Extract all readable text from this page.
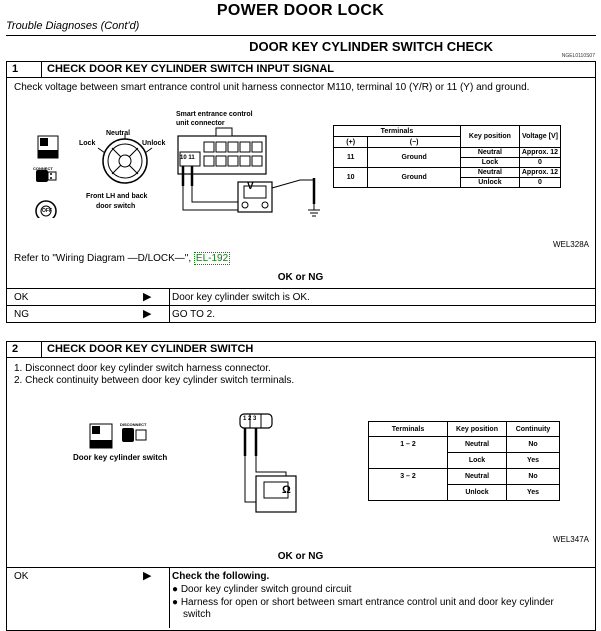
POWER DOOR LOCK
Trouble Diagnoses (Cont'd)
DOOR KEY CYLINDER SWITCH CHECK
NGEL0110S07
1	CHECK DOOR KEY CYLINDER SWITCH INPUT SIGNAL
Check voltage between smart entrance control unit harness connector M110, terminal 10 (Y/R) or 11 (Y) and ground.
H.S.
CONNECT
OFF
Neutral
Lock	Unlock
Front LH and back
door switch
Smart entrance control
unit connector
10 11
V
Terminals		Key position	Voltage [V]
(+)	(−)		
11	Ground	Neutral	Approx. 12
		Lock	0
10	Ground	Neutral	Approx. 12
		Unlock	0
WEL328A
Refer to "Wiring Diagram —D/LOCK—", EL-192
OK or NG
OK	▶ Door key cylinder switch is OK.
NG	▶ GO TO 2.
2	CHECK DOOR KEY CYLINDER SWITCH
1. Disconnect door key cylinder switch harness connector.
2. Check continuity between door key cylinder switch terminals.
H.S.
DISCONNECT
Door key cylinder switch
1 2 3
Ω
Terminals	Key position	Continuity
1 – 2	Neutral	No
	Lock	Yes
3 – 2	Neutral	No
	Unlock	Yes
WEL347A
OK or NG
OK	▶ Check the following.
● Door key cylinder switch ground circuit
● Harness for open or short between smart entrance control unit and door key cylinder
switch
